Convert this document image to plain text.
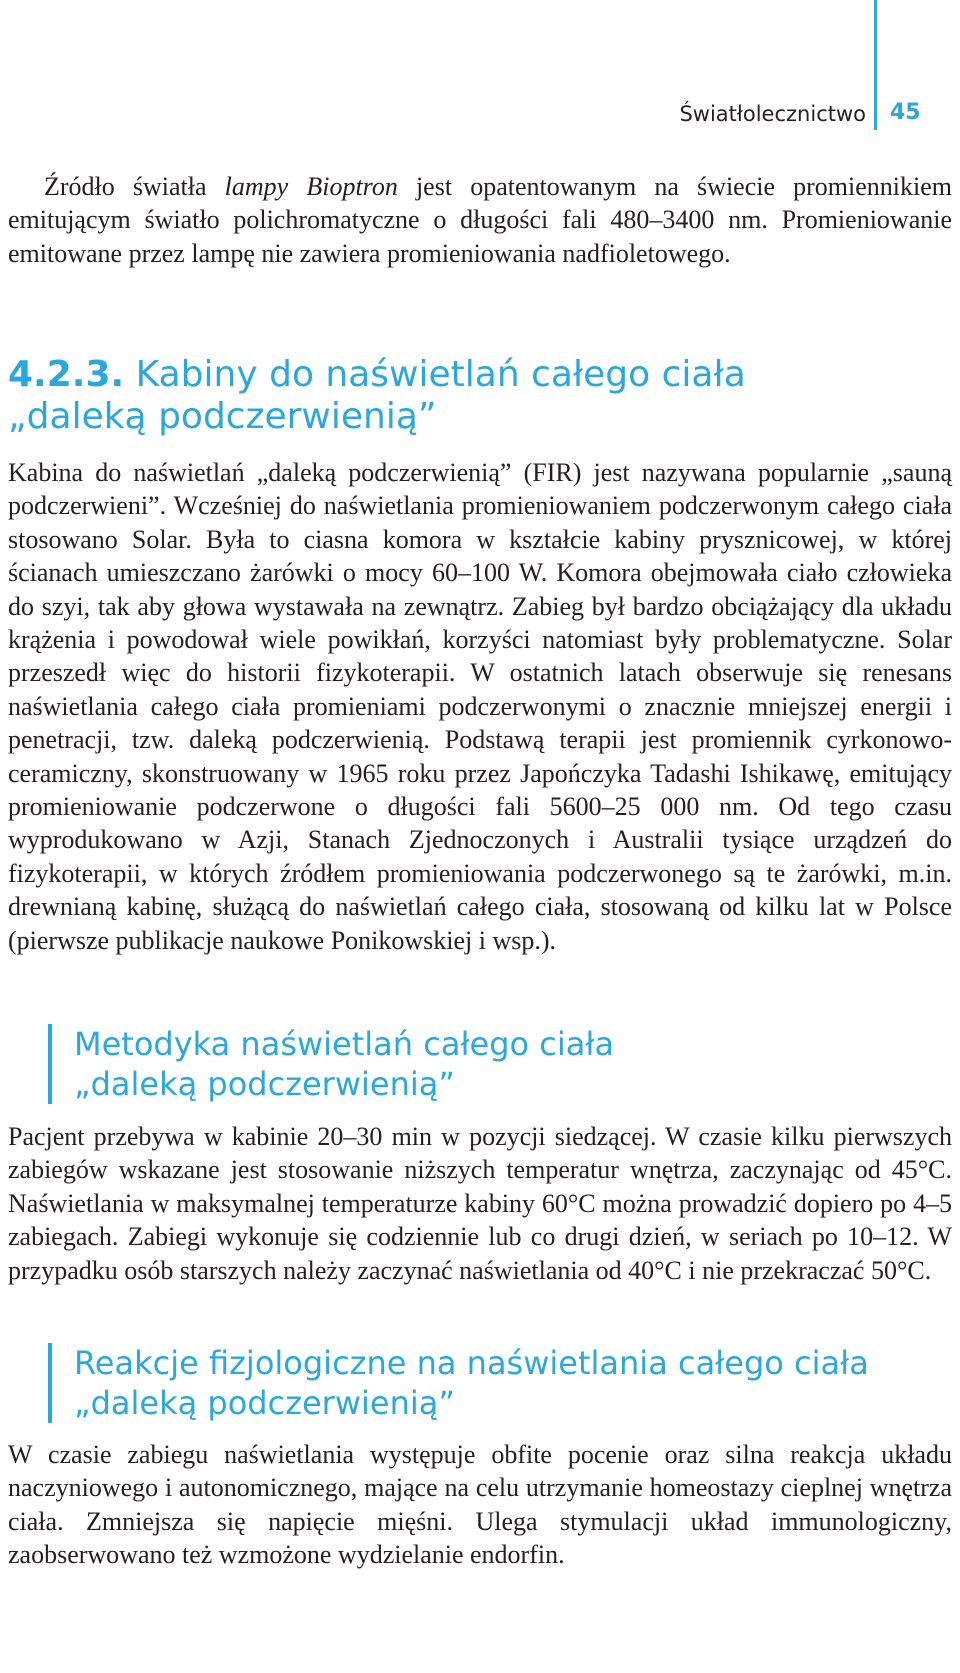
Światłolecznictwo 45

Źródło światła lampy Bioptron jest opatentowanym na świecie promiennikiem emitującym światło polichromatyczne o długości fali 480–3400 nm. Promieniowanie emitowane przez lampę nie zawiera promieniowania nadfioletowego.

4.2.3. Kabiny do naświetlań całego ciała
„daleką podczerwienią”

Kabina do naświetlań „daleką podczerwienią” (FIR) jest nazywana popularnie „sauną podczerwieni”. Wcześniej do naświetlania promieniowaniem podczerwonym całego ciała stosowano Solar. Była to ciasna komora w kształcie kabiny prysznicowej, w której ścianach umieszczano żarówki o mocy 60–100 W. Komora obejmowała ciało człowieka do szyi, tak aby głowa wystawała na zewnątrz. Zabieg był bardzo obciążający dla układu krążenia i powodował wiele powikłań, korzyści natomiast były problematyczne. Solar przeszedł więc do historii fizykoterapii. W ostatnich latach obserwuje się renesans naświetlania całego ciała promieniami podczerwonymi o znacznie mniejszej energii i penetracji, tzw. daleką podczerwienią. Podstawą terapii jest promiennik cyrkonowo-ceramiczny, skonstruowany w 1965 roku przez Japończyka Tadashi Ishikawę, emitujący promieniowanie podczerwone o długości fali 5600–25 000 nm. Od tego czasu wyprodukowano w Azji, Stanach Zjednoczonych i Australii tysiące urządzeń do fizykoterapii, w których źródłem promieniowania podczerwonego są te żarówki, m.in. drewnianą kabinę, służącą do naświetlań całego ciała, stosowaną od kilku lat w Polsce (pierwsze publikacje naukowe Ponikowskiej i wsp.).

Metodyka naświetlań całego ciała
„daleką podczerwienią”

Pacjent przebywa w kabinie 20–30 min w pozycji siedzącej. W czasie kilku pierwszych zabiegów wskazane jest stosowanie niższych temperatur wnętrza, zaczynając od 45°C. Naświetlania w maksymalnej temperaturze kabiny 60°C można prowadzić dopiero po 4–5 zabiegach. Zabiegi wykonuje się codziennie lub co drugi dzień, w seriach po 10–12. W przypadku osób starszych należy zaczynać naświetlania od 40°C i nie przekraczać 50°C.

Reakcje fizjologiczne na naświetlania całego ciała
„daleką podczerwienią”

W czasie zabiegu naświetlania występuje obfite pocenie oraz silna reakcja układu naczyniowego i autonomicznego, mające na celu utrzymanie homeostazy cieplnej wnętrza ciała. Zmniejsza się napięcie mięśni. Ulega stymulacji układ immunologiczny, zaobserwowano też wzmożone wydzielanie endorfin.
